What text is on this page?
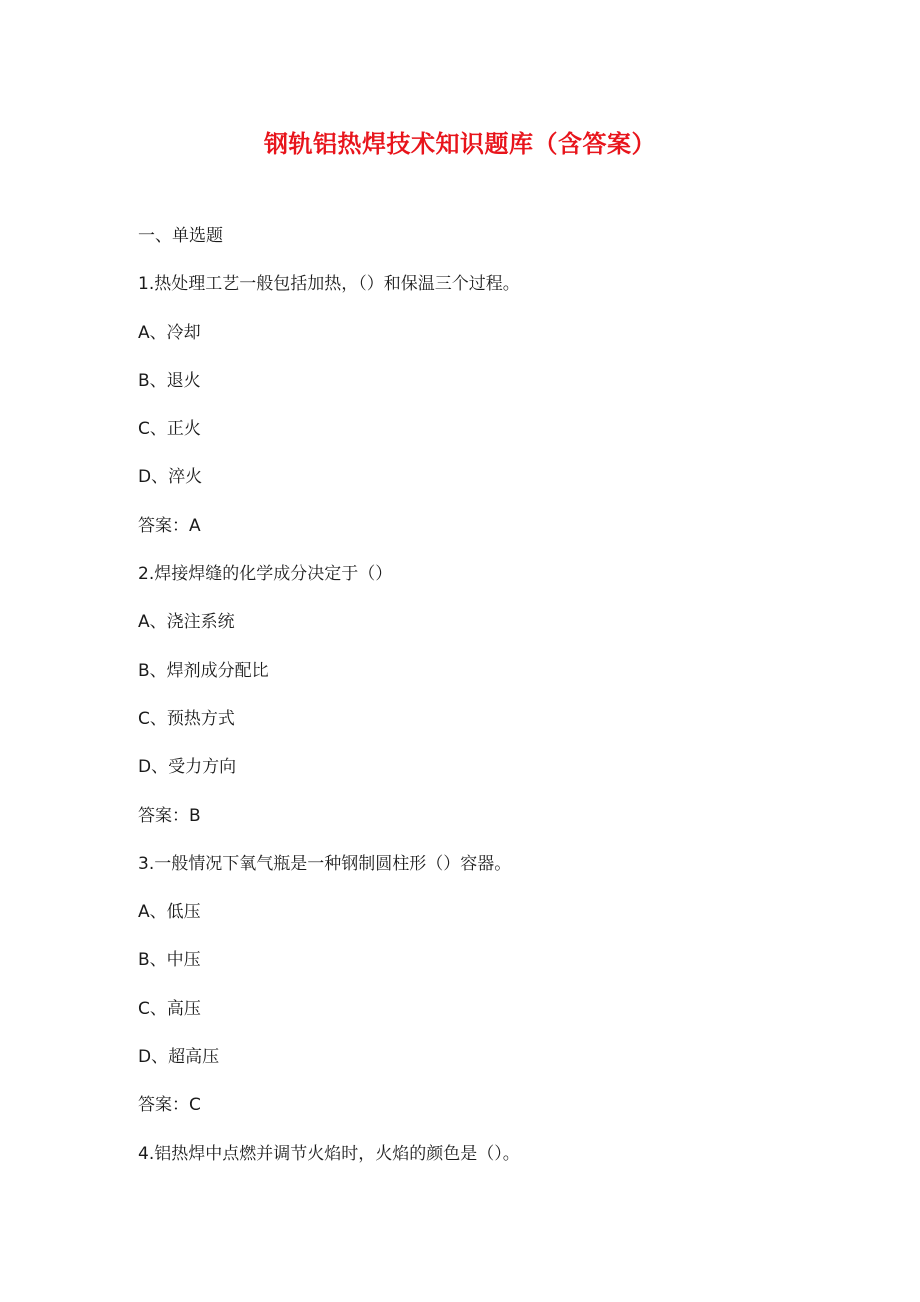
钢轨铝热焊技术知识题库（含答案）
一、单选题
1.热处理工艺一般包括加热，（）和保温三个过程。
A、冷却
B、退火
C、正火
D、淬火
答案：A
2.焊接焊缝的化学成分决定于（）
A、浇注系统
B、焊剂成分配比
C、预热方式
D、受力方向
答案：B
3.一般情况下氧气瓶是一种钢制圆柱形（）容器。
A、低压
B、中压
C、高压
D、超高压
答案：C
4.铝热焊中点燃并调节火焰时，火焰的颜色是（）。
